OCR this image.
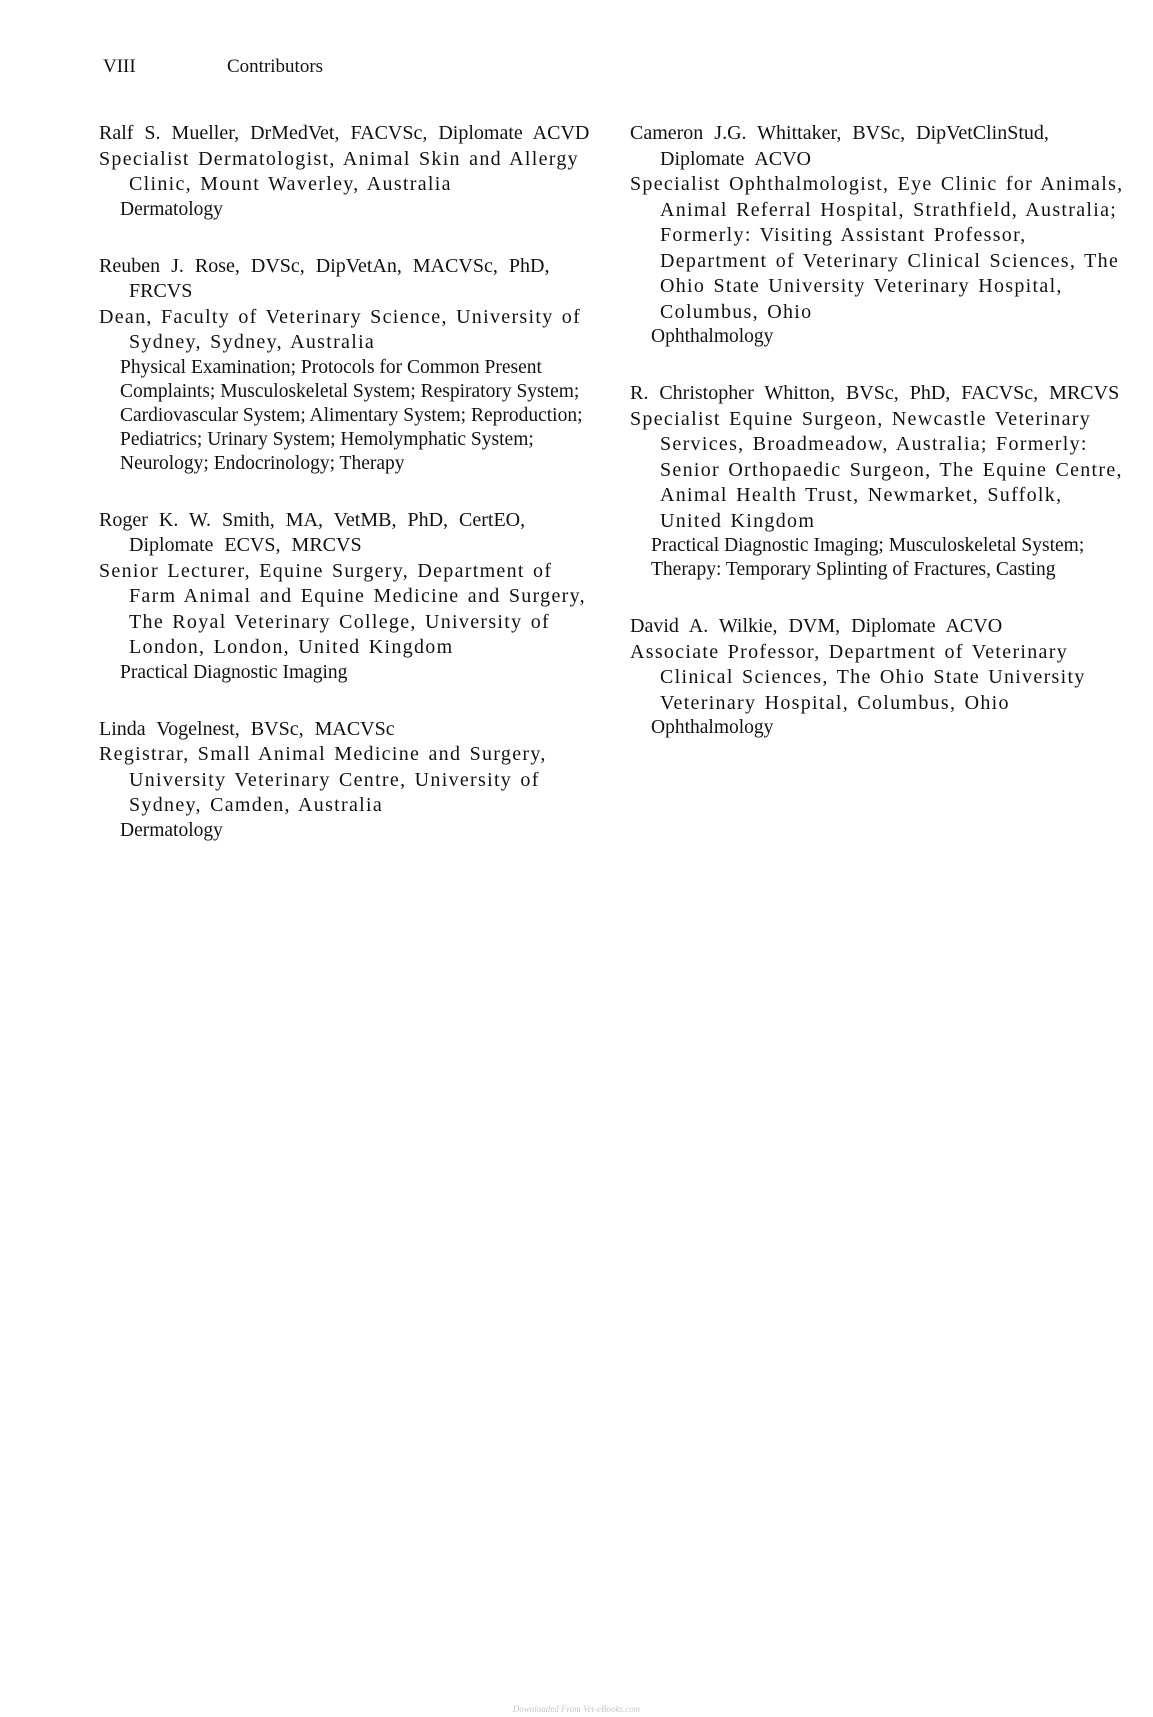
VIII	Contributors
Ralf S. Mueller, DrMedVet, FACVSc, Diplomate ACVD
Specialist Dermatologist, Animal Skin and Allergy Clinic, Mount Waverley, Australia
Dermatology
Reuben J. Rose, DVSc, DipVetAn, MACVSc, PhD, FRCVS
Dean, Faculty of Veterinary Science, University of Sydney, Sydney, Australia
Physical Examination; Protocols for Common Present Complaints; Musculoskeletal System; Respiratory System; Cardiovascular System; Alimentary System; Reproduction; Pediatrics; Urinary System; Hemolymphatic System; Neurology; Endocrinology; Therapy
Roger K. W. Smith, MA, VetMB, PhD, CertEO, Diplomate ECVS, MRCVS
Senior Lecturer, Equine Surgery, Department of Farm Animal and Equine Medicine and Surgery, The Royal Veterinary College, University of London, London, United Kingdom
Practical Diagnostic Imaging
Linda Vogelnest, BVSc, MACVSc
Registrar, Small Animal Medicine and Surgery, University Veterinary Centre, University of Sydney, Camden, Australia
Dermatology
Cameron J.G. Whittaker, BVSc, DipVetClinStud, Diplomate ACVO
Specialist Ophthalmologist, Eye Clinic for Animals, Animal Referral Hospital, Strathfield, Australia; Formerly: Visiting Assistant Professor, Department of Veterinary Clinical Sciences, The Ohio State University Veterinary Hospital, Columbus, Ohio
Ophthalmology
R. Christopher Whitton, BVSc, PhD, FACVSc, MRCVS
Specialist Equine Surgeon, Newcastle Veterinary Services, Broadmeadow, Australia; Formerly: Senior Orthopaedic Surgeon, The Equine Centre, Animal Health Trust, Newmarket, Suffolk, United Kingdom
Practical Diagnostic Imaging; Musculoskeletal System; Therapy: Temporary Splinting of Fractures, Casting
David A. Wilkie, DVM, Diplomate ACVO
Associate Professor, Department of Veterinary Clinical Sciences, The Ohio State University Veterinary Hospital, Columbus, Ohio
Ophthalmology
Downloaded From Vet-eBooks.com
